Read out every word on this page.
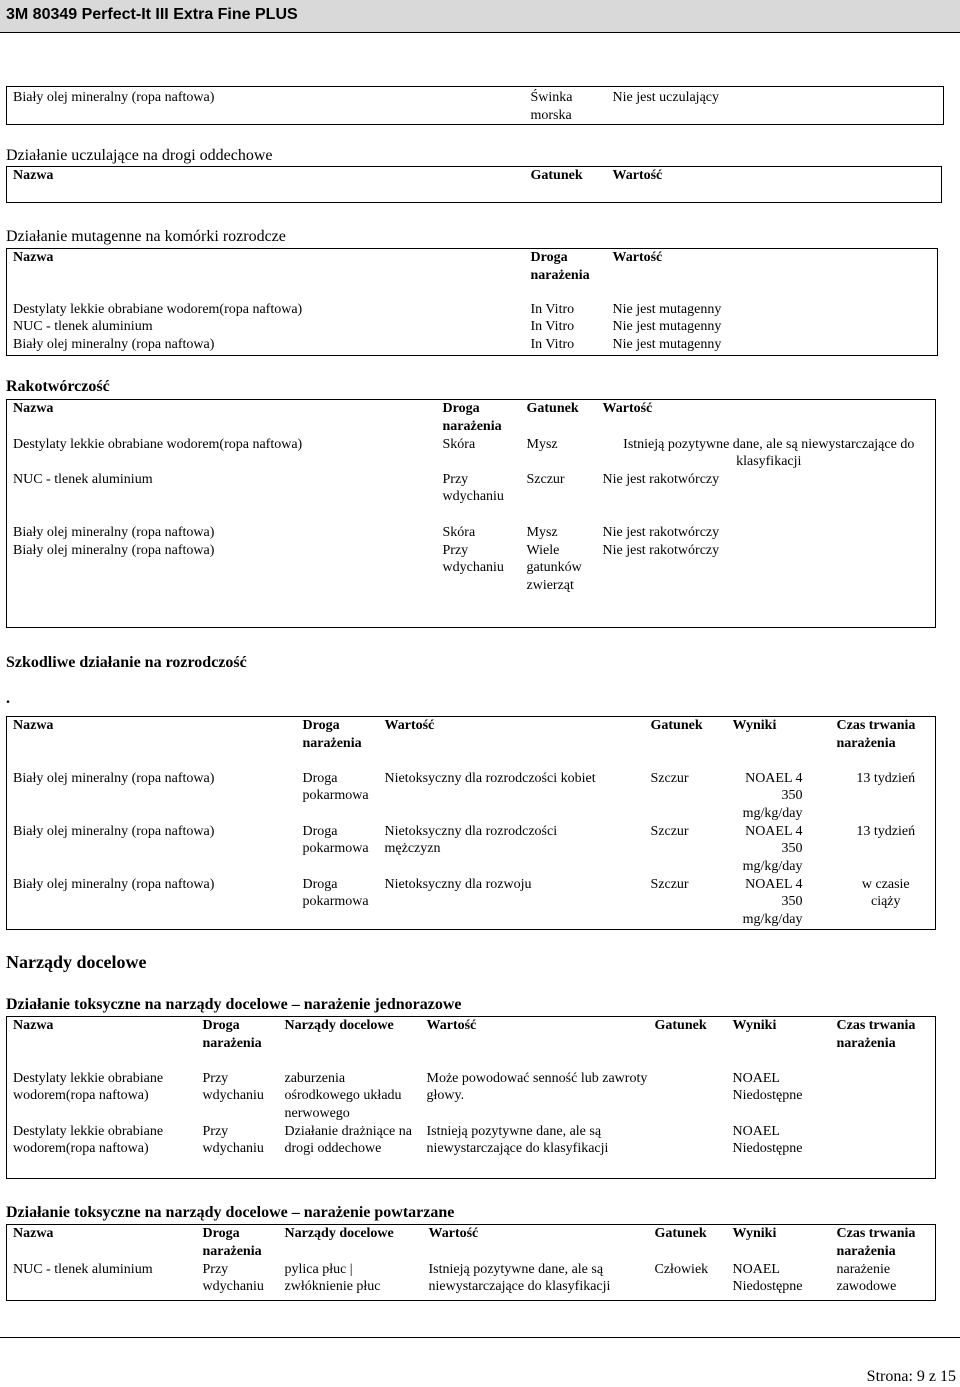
3M 80349 Perfect-It III Extra Fine PLUS
Biały olej mineralny (ropa naftowa)	Świnka morska	Nie jest uczulający
Działanie uczulające na drogi oddechowe
Nazwa	Gatunek	Wartość
Działanie mutagenne na komórki rozrodcze
Nazwa	Droga narażenia	Wartość
Destylaty lekkie obrabiane wodorem(ropa naftowa)	In Vitro	Nie jest mutagenny
NUC - tlenek aluminium	In Vitro	Nie jest mutagenny
Biały olej mineralny (ropa naftowa)	In Vitro	Nie jest mutagenny
Rakotwórczość
Nazwa	Droga narażenia	Gatunek	Wartość
Destylaty lekkie obrabiane wodorem(ropa naftowa)	Skóra	Mysz	Istnieją pozytywne dane, ale są niewystarczające do klasyfikacji
NUC - tlenek aluminium	Przy wdychaniu	Szczur	Nie jest rakotwórczy
Biały olej mineralny (ropa naftowa)	Skóra	Mysz	Nie jest rakotwórczy
Biały olej mineralny (ropa naftowa)	Przy wdychaniu	Wiele gatunków zwierząt	Nie jest rakotwórczy
Szkodliwe działanie na rozrodczość
.
Nazwa	Droga narażenia	Wartość	Gatunek	Wyniki	Czas trwania narażenia
Biały olej mineralny (ropa naftowa)	Droga pokarmowa	Nietoksyczny dla rozrodczości kobiet	Szczur	NOAEL 4 350 mg/kg/day	13 tydzień
Biały olej mineralny (ropa naftowa)	Droga pokarmowa	Nietoksyczny dla rozrodczości mężczyzn	Szczur	NOAEL 4 350 mg/kg/day	13 tydzień
Biały olej mineralny (ropa naftowa)	Droga pokarmowa	Nietoksyczny dla rozwoju	Szczur	NOAEL 4 350 mg/kg/day	w czasie ciąży
Narządy docelowe
Działanie toksyczne na narządy docelowe – narażenie jednorazowe
Nazwa	Droga narażenia	Narządy docelowe	Wartość	Gatunek	Wyniki	Czas trwania narażenia
Destylaty lekkie obrabiane wodorem(ropa naftowa)	Przy wdychaniu	zaburzenia ośrodkowego układu nerwowego	Może powodować senność lub zawroty głowy.		NOAEL Niedostępne	

Destylaty lekkie obrabiane wodorem(ropa naftowa)	Przy wdychaniu	Działanie drażniące na drogi oddechowe	Istnieją pozytywne dane, ale są niewystarczające do klasyfikacji		NOAEL Niedostępne	

Działanie toksyczne na narządy docelowe – narażenie powtarzane
Nazwa	Droga narażenia	Narządy docelowe	Wartość	Gatunek	Wyniki	Czas trwania narażenia
NUC - tlenek aluminium	Przy wdychaniu	pylica płuc | zwłóknienie płuc	Istnieją pozytywne dane, ale są niewystarczające do klasyfikacji	Człowiek	NOAEL Niedostępne	narażenie zawodowe
Strona: 9 z 15
